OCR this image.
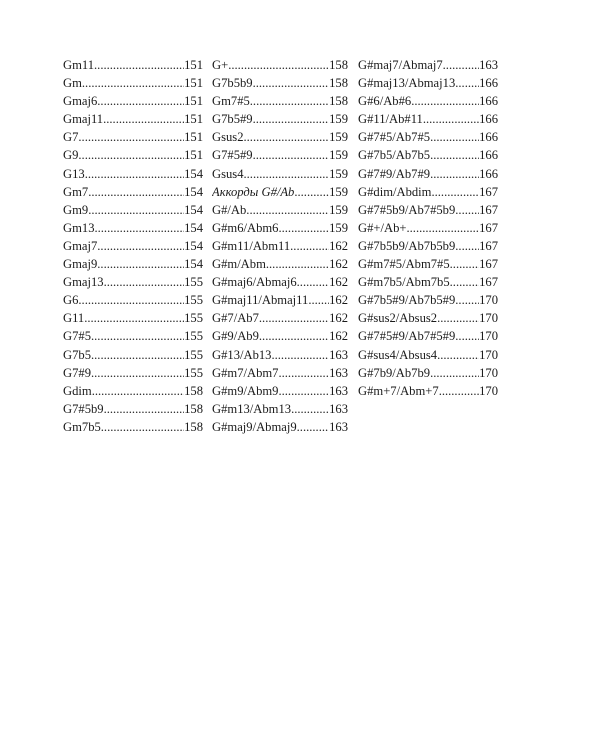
Gm11 .....	151
Gm .....	151
Gmaj6 .....	151
Gmaj11 .....	151
G7 .....	151
G9 .....	151
G13 .....	154
Gm7 .....	154
Gm9 .....	154
Gm13 .....	154
Gmaj7 .....	154
Gmaj9 .....	154
Gmaj13 .....	155
G6 .....	155
G11 .....	155
G7#5 .....	155
G7b5 .....	155
G7#9 .....	155
Gdim .....	158
G7#5b9 .....	158
Gm7b5 .....	158
G+ .....	158
G7b5b9 .....	158
Gm7#5 .....	158
G7b5#9 .....	159
Gsus2 .....	159
G7#5#9 .....	159
Gsus4 .....	159
Аккорды G#/Ab .....	159
G#/Ab .....	159
G#m6/Abm6 .....	159
G#m11/Abm11 .....	162
G#m/Abm .....	162
G#maj6/Abmaj6 .....	162
G#maj11/Abmaj11 ..... 162
G#7/Ab7 .....	162
G#9/Ab9 .....	162
G#13/Ab13 .....	163
G#m7/Abm7 .....	163
G#m9/Abm9 .....	163
G#m13/Abm13 .....	163
G#maj9/Abmaj9 .....	163
G#maj7/Abmaj7 .....	163
G#maj13/Abmaj13 ..... 166
G#6/Ab#6 .....	166
G#11/Ab#11 .....	166
G#7#5/Ab7#5 .....	166
G#7b5/Ab7b5 .....	166
G#7#9/Ab7#9 .....	166
G#dim/Abdim .....	167
G#7#5b9/Ab7#5b9 ..... 167
G#+/Ab+ .....	167
G#7b5b9/Ab7b5b9 ..... 167
G#m7#5/Abm7#5 ..... 167
G#m7b5/Abm7b5 ..... 167
G#7b5#9/Ab7b5#9 ..... 170
G#sus2/Absus2 .....	170
G#7#5#9/Ab7#5#9 ..... 170
G#sus4/Absus4 .....	170
G#7b9/Ab7b9 .....	170
G#m+7/Abm+7 .....	170
